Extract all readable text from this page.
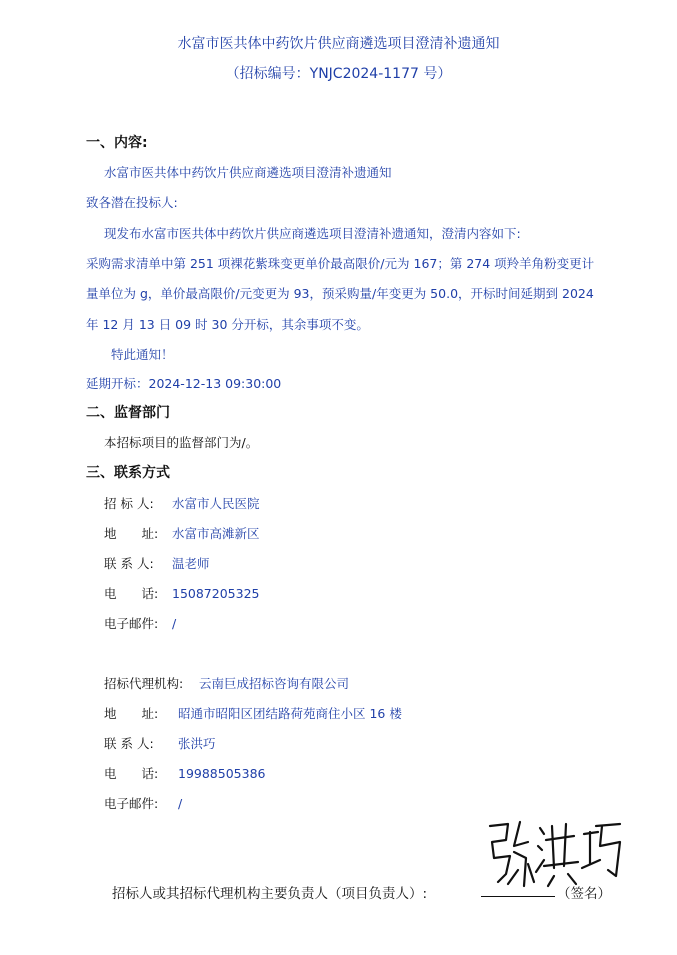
水富市医共体中药饮片供应商遴选项目澄清补遗通知
（招标编号：YNJC2024-1177 号）
一、内容:
水富市医共体中药饮片供应商遴选项目澄清补遗通知
致各潜在投标人:
现发布水富市医共体中药饮片供应商遴选项目澄清补遗通知，澄清内容如下:
采购需求清单中第 251 项裸花紫珠变更单价最高限价/元为 167；第 274 项羚羊角粉变更计
量单位为 g，单价最高限价/元变更为 93，预采购量/年变更为 50.0，开标时间延期到 2024
年 12 月 13 日 09 时 30 分开标，其余事项不变。
特此通知！
延期开标：2024-12-13 09:30:00
二、监督部门
本招标项目的监督部门为/。
三、联系方式
招 标 人: 水富市人民医院
地　　址: 水富市高滩新区
联 系 人: 温老师
电　　话: 15087205325
电子邮件: /
招标代理机构: 云南巨成招标咨询有限公司
地　　址: 昭通市昭阳区团结路荷苑商住小区 16 楼
联 系 人: 张洪巧
电　　话: 19988505386
电子邮件: /
招标人或其招标代理机构主要负责人（项目负责人）:	（签名）
